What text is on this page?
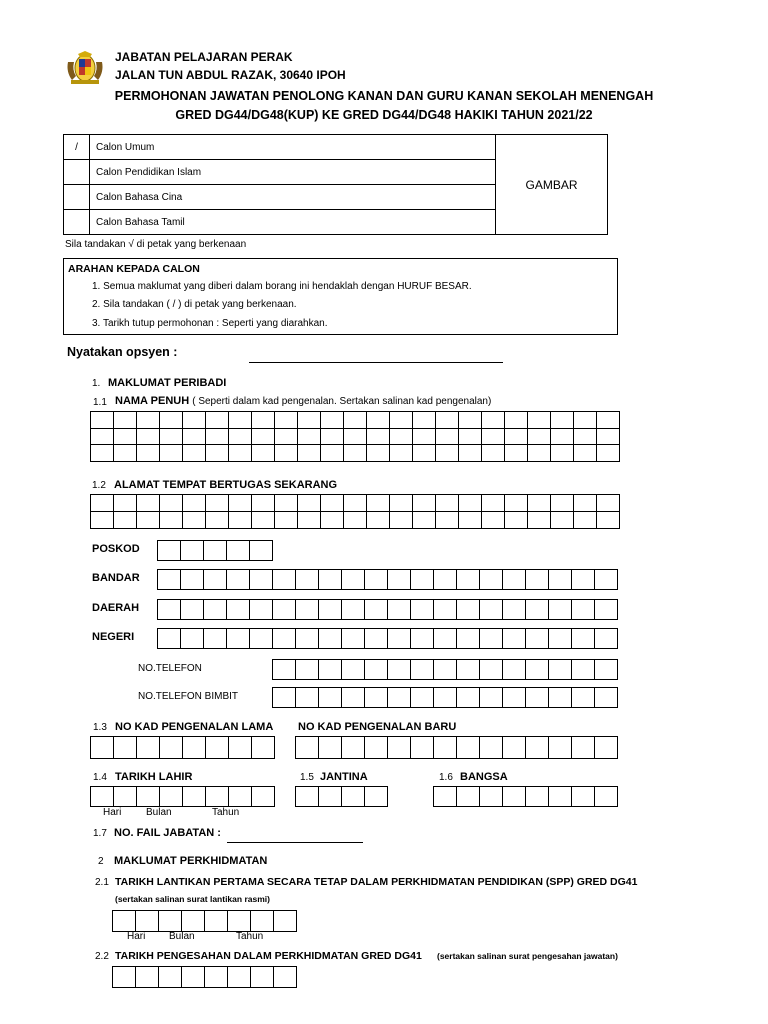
JABATAN PELAJARAN PERAK
JALAN TUN ABDUL RAZAK, 30640 IPOH
PERMOHONAN JAWATAN PENOLONG KANAN DAN GURU KANAN SEKOLAH MENENGAH
GRED DG44/DG48(KUP) KE GRED DG44/DG48 HAKIKI TAHUN 2021/22
/	Calon Umum	GAMBAR
	Calon Pendidikan Islam	
	Calon Bahasa Cina	
	Calon Bahasa Tamil	
Sila tandakan √ di petak yang berkenaan
ARAHAN KEPADA CALON
1. Semua maklumat yang diberi dalam borang ini hendaklah dengan HURUF BESAR.
2. Sila tandakan ( / ) di petak yang berkenaan.
3. Tarikh tutup permohonan : Seperti yang diarahkan.
Nyatakan opsyen :
1. MAKLUMAT PERIBADI
1.1 NAMA PENUH ( Seperti dalam kad pengenalan. Sertakan salinan kad pengenalan)
1.2 ALAMAT TEMPAT BERTUGAS SEKARANG
POSKOD
BANDAR
DAERAH
NEGERI
NO.TELEFON
NO.TELEFON BIMBIT
1.3 NO KAD PENGENALAN LAMA NO KAD PENGENALAN BARU
1.4 TARIKH LAHIR	1.5 JANTINA	1.6 BANGSA
Hari Bulan	Tahun
1.7 NO. FAIL JABATAN :
2 MAKLUMAT PERKHIDMATAN
2.1 TARIKH LANTIKAN PERTAMA SECARA TETAP DALAM PERKHIDMATAN PENDIDIKAN (SPP) GRED DG41
(sertakan salinan surat lantikan rasmi)
Hari Bulan	Tahun
2.2 TARIKH PENGESAHAN DALAM PERKHIDMATAN GRED DG41 (sertakan salinan surat pengesahan jawatan)
